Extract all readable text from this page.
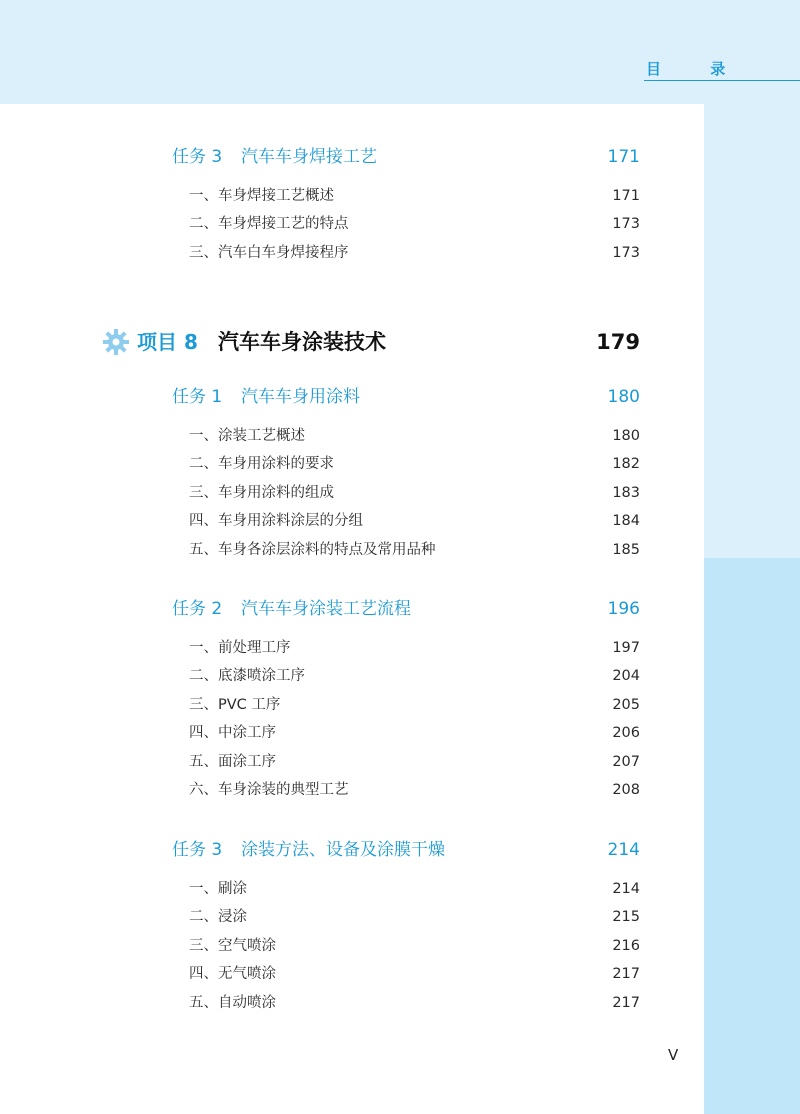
目 录
任务 3 汽车车身焊接工艺	171
一、车身焊接工艺概述	171
二、车身焊接工艺的特点	173
三、汽车白车身焊接程序	173
项目 8 汽车车身涂装技术	179
任务 1 汽车车身用涂料	180
一、涂装工艺概述	180
二、车身用涂料的要求	182
三、车身用涂料的组成	183
四、车身用涂料涂层的分组	184
五、车身各涂层涂料的特点及常用品种	185
任务 2 汽车车身涂装工艺流程	196
一、前处理工序	197
二、底漆喷涂工序	204
三、PVC 工序	205
四、中涂工序	206
五、面涂工序	207
六、车身涂装的典型工艺	208
任务 3 涂装方法、设备及涂膜干燥	214
一、刷涂	214
二、浸涂	215
三、空气喷涂	216
四、无气喷涂	217
五、自动喷涂	217
V
